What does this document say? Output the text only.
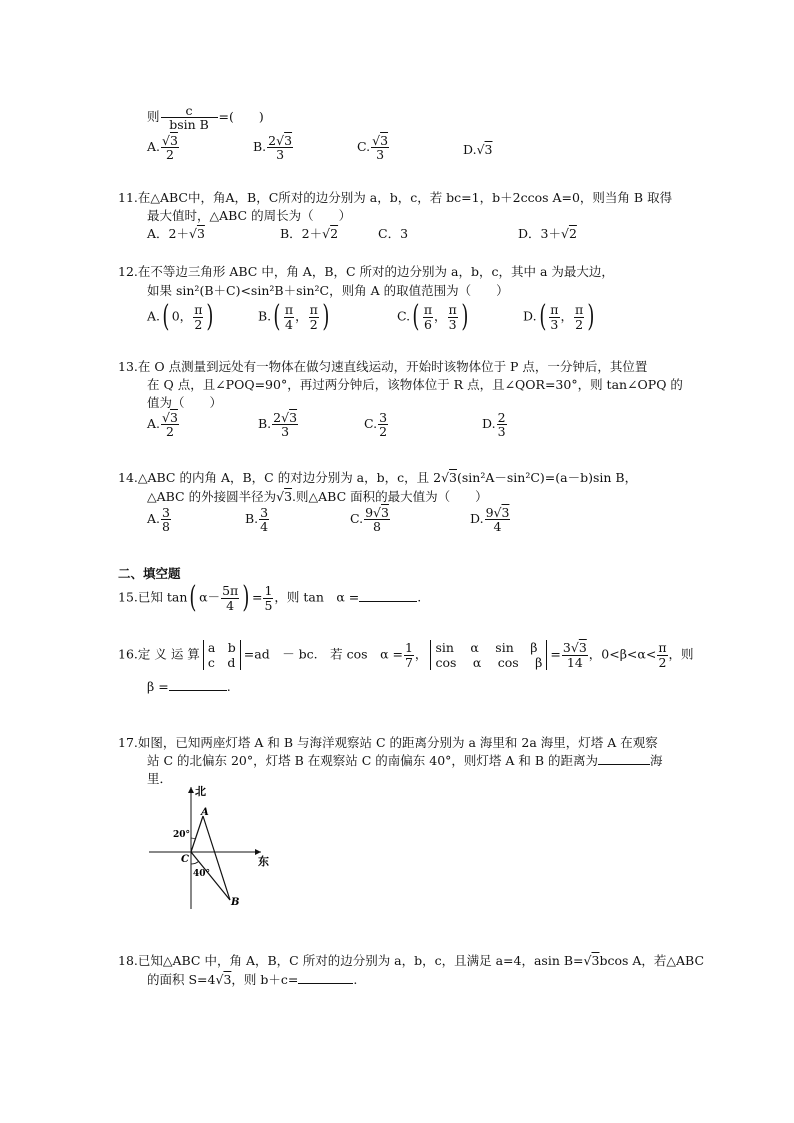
则 $\frac{c}{\text{bsin B}}$ =(　　)
A. $\frac{√3}{2}$	B. $\frac{2√3}{3}$	C. $\frac{√3}{3}$	D.√3
11.在△ABC中，角A，B，C所对的边分别为 a，b，c，若 bc=1，b＋2ccos A=0，则当角 B 取得
最大值时，△ABC 的周长为（　　）
A．2＋√3	B．2＋√2	C．3	D．3＋√2
12.在不等边三角形 ABC 中，角 A，B，C 所对的边分别为 a，b，c，其中 a 为最大边，
如果 sin²(B＋C)<sin²B＋sin²C，则角 A 的取值范围为（　　）
A.( 0， $\frac{\pi}{2}$ )	$B.( \frac{\pi}{4}$ ， $\frac{\pi}{2}$ )	$C.( \frac{\pi}{6}$ ， $\frac{\pi}{3}$ )	$D.( \frac{\pi}{3}$ ， $\frac{\pi}{2}$ )
13.在 O 点测量到远处有一物体在做匀速直线运动，开始时该物体位于 P 点，一分钟后，其位置
在 Q 点，且∠POQ=90°，再过两分钟后，该物体位于 R 点，且∠QOR=30°，则 tan∠OPQ 的
值为（　　）
A. $\frac{√3}{2}$	B. $\frac{2√3}{3}$	C. $\frac{3}{2}$	D. $\frac{2}{3}$
14.△ABC 的内角 A，B，C 的对边分别为 a，b，c，且 2√3(sin²A－sin²C)=(a－b)sin B，
△ABC 的外接圆半径为√3.则△ABC 面积的最大值为（　　）
A. $\frac{3}{8}$	B. $\frac{3}{4}$	C. $\frac{9√3}{8}$	D. $\frac{9√3}{4}$
二、填空题
15.已知 tan( $\alpha- \frac{5\pi}{4}$ ) = $\frac{1}{5}$ ，则 tan　α =	.
16.定 义 运 算 a　b
c　d
=ad　－ bc.　若 cos　$\alpha = \frac{1}{7}$ ， sin　 α　 sin　 β
cos　 α　 cos　 β
= $\frac{3√3}{14}$ ，$0<\beta<\alpha< \frac{\pi}{2}$ ，则
β =	.
17.如图，已知两座灯塔 A 和 B 与海洋观察站 C 的距离分别为 a 海里和 2a 海里，灯塔 A 在观察
站 C 的北偏东 20°，灯塔 B 在观察站 C 的南偏东 40°，则灯塔 A 和 B 的距离为	海
里．
北
东
A
B
C
20°
40°
18.已知△ABC 中，角 A，B，C 所对的边分别为 a，b，c，且满足 a=4，asin B=√3bcos A，若△ABC
的面积 S=4√3，则 b＋c=	.
